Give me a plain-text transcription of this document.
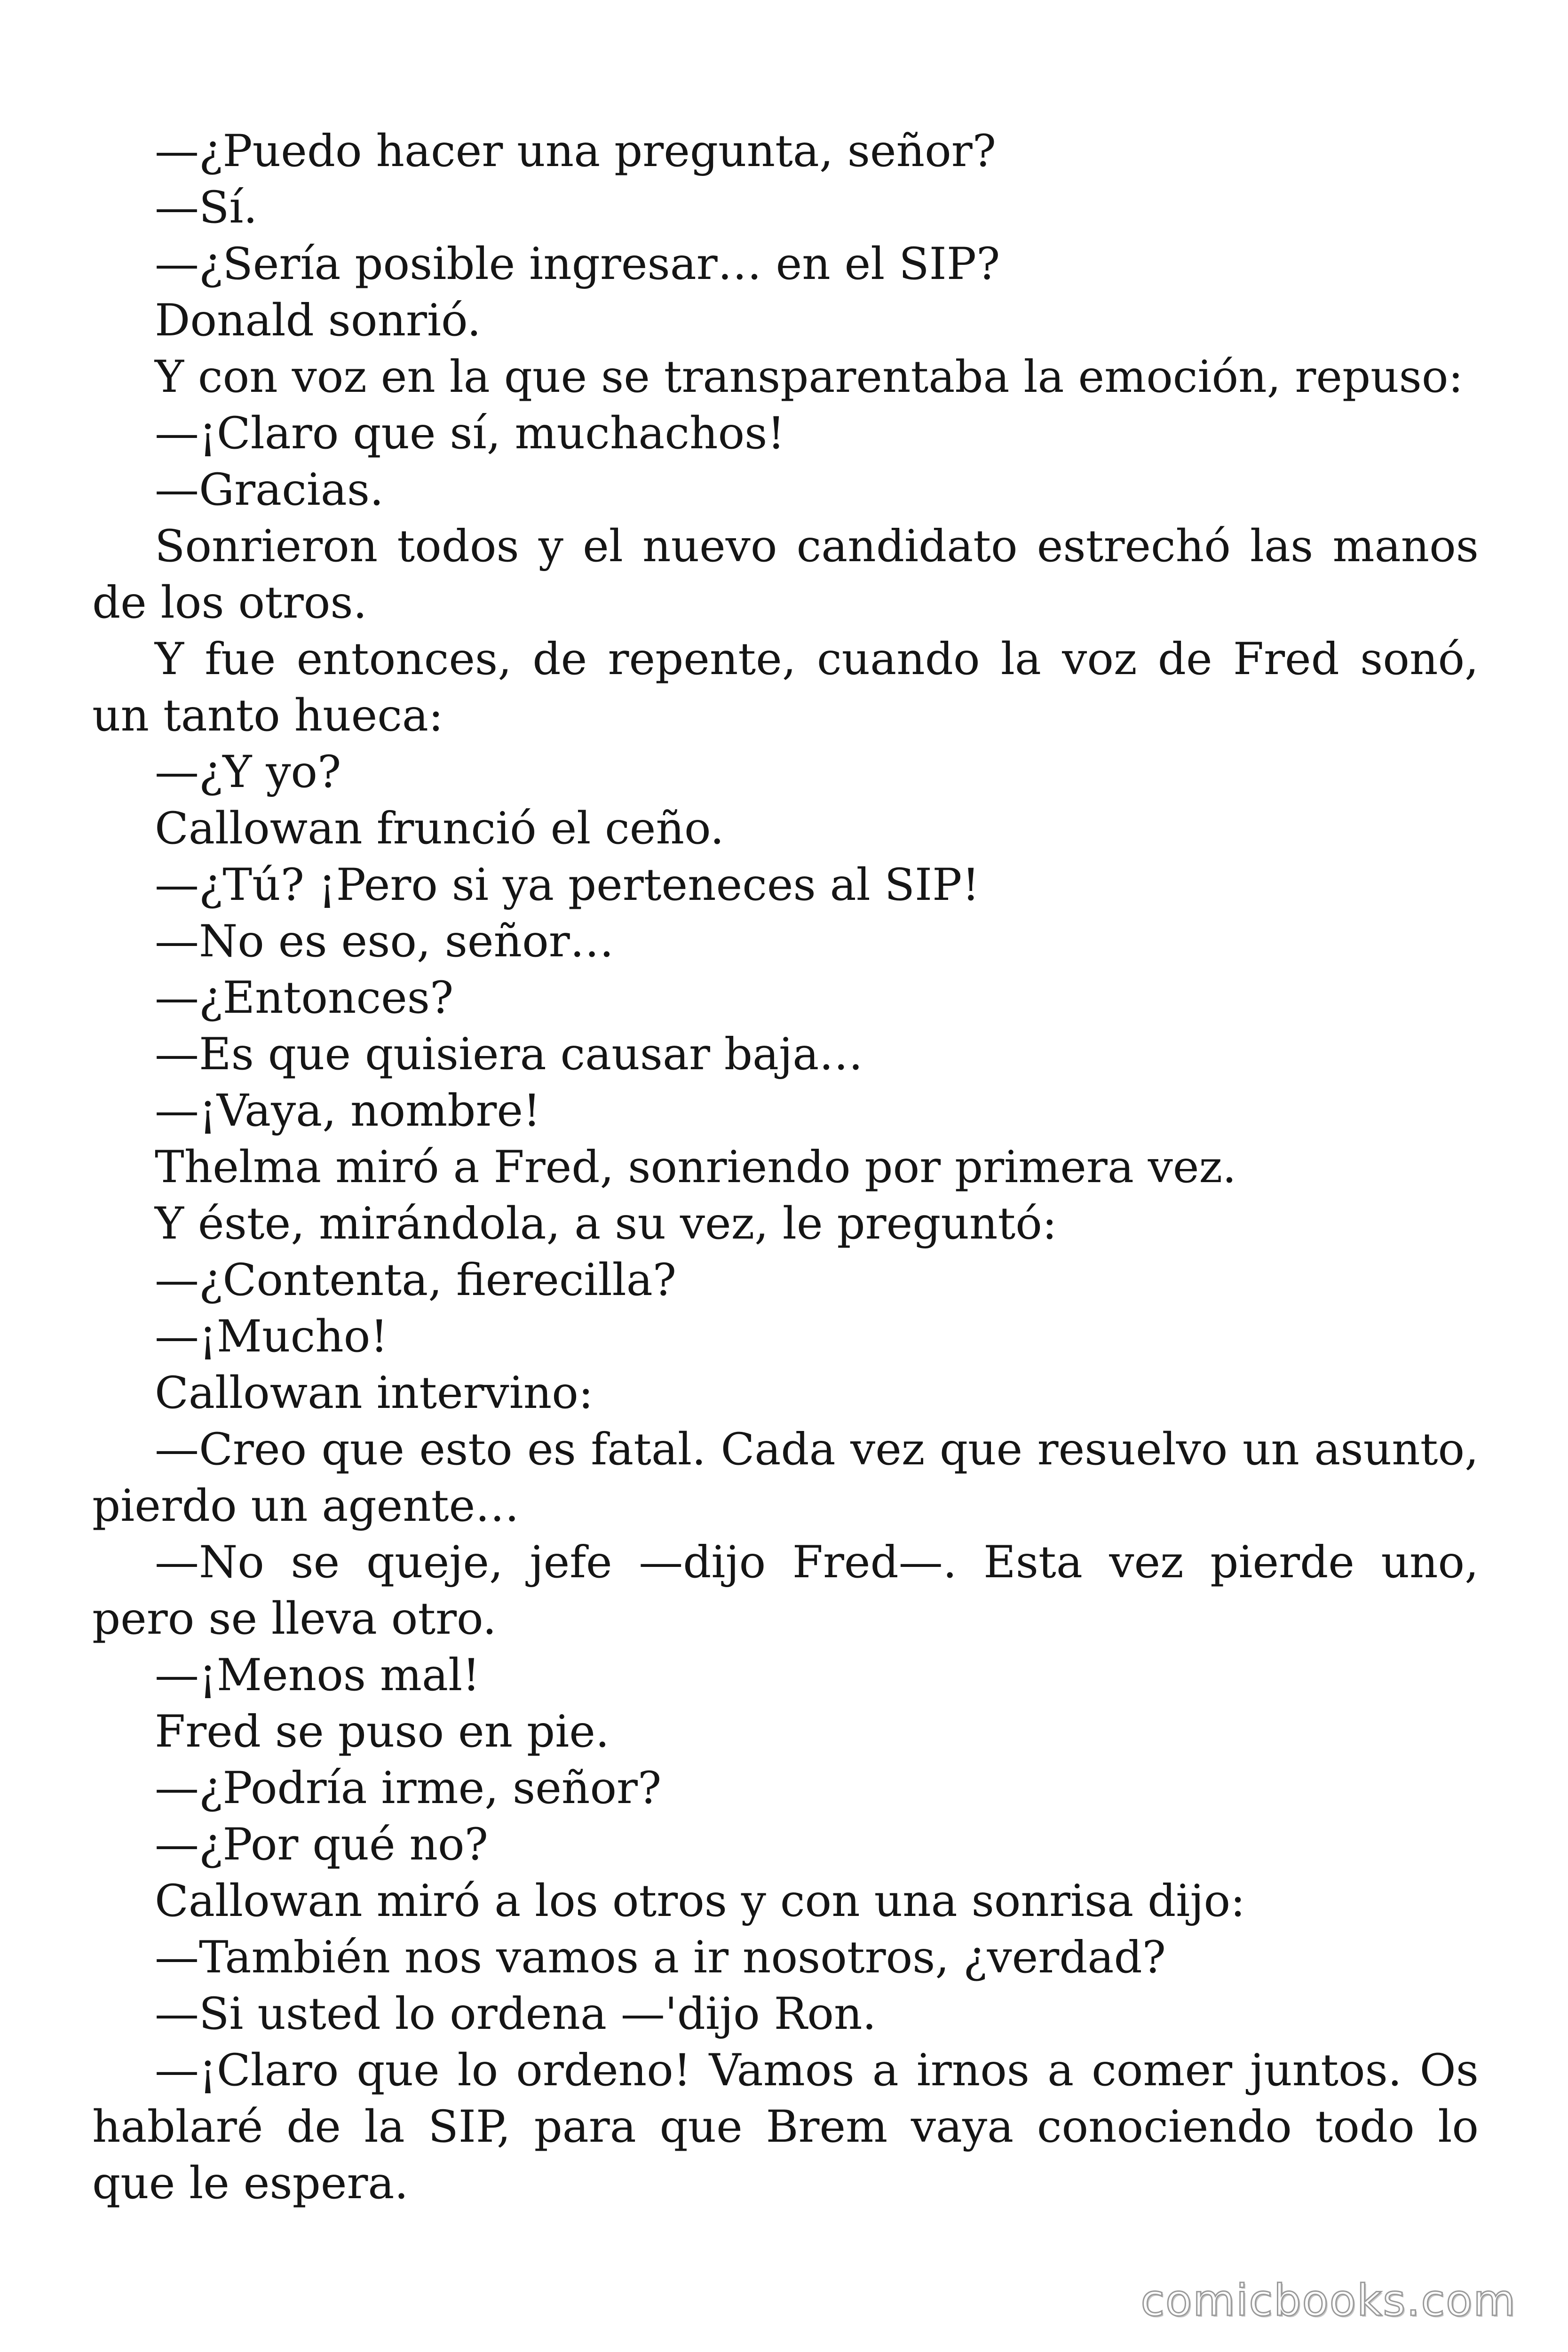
—¿Puedo hacer una pregunta, señor?

—Sí.

—¿Sería posible ingresar… en el SIP?

Donald sonrió.

Y con voz en la que se transparentaba la emoción, repuso:

—¡Claro que sí, muchachos!

—Gracias.

Sonrieron todos y el nuevo candidato estrechó las manos de los otros.

Y fue entonces, de repente, cuando la voz de Fred sonó, un tanto hueca:

—¿Y yo?

Callowan frunció el ceño.

—¿Tú? ¡Pero si ya perteneces al SIP!

—No es eso, señor…

—¿Entonces?

—Es que quisiera causar baja…

—¡Vaya, nombre!

Thelma miró a Fred, sonriendo por primera vez.

Y éste, mirándola, a su vez, le preguntó:

—¿Contenta, fierecilla?

—¡Mucho!

Callowan intervino:

—Creo que esto es fatal. Cada vez que resuelvo un asunto, pierdo un agente…

—No se queje, jefe —dijo Fred—. Esta vez pierde uno, pero se lleva otro.

—¡Menos mal!

Fred se puso en pie.

—¿Podría irme, señor?

—¿Por qué no?

Callowan miró a los otros y con una sonrisa dijo:

—También nos vamos a ir nosotros, ¿verdad?

—Si usted lo ordena —'dijo Ron.

—¡Claro que lo ordeno! Vamos a irnos a comer juntos. Os hablaré de la SIP, para que Brem vaya conociendo todo lo que le espera.

comicbooks.com
